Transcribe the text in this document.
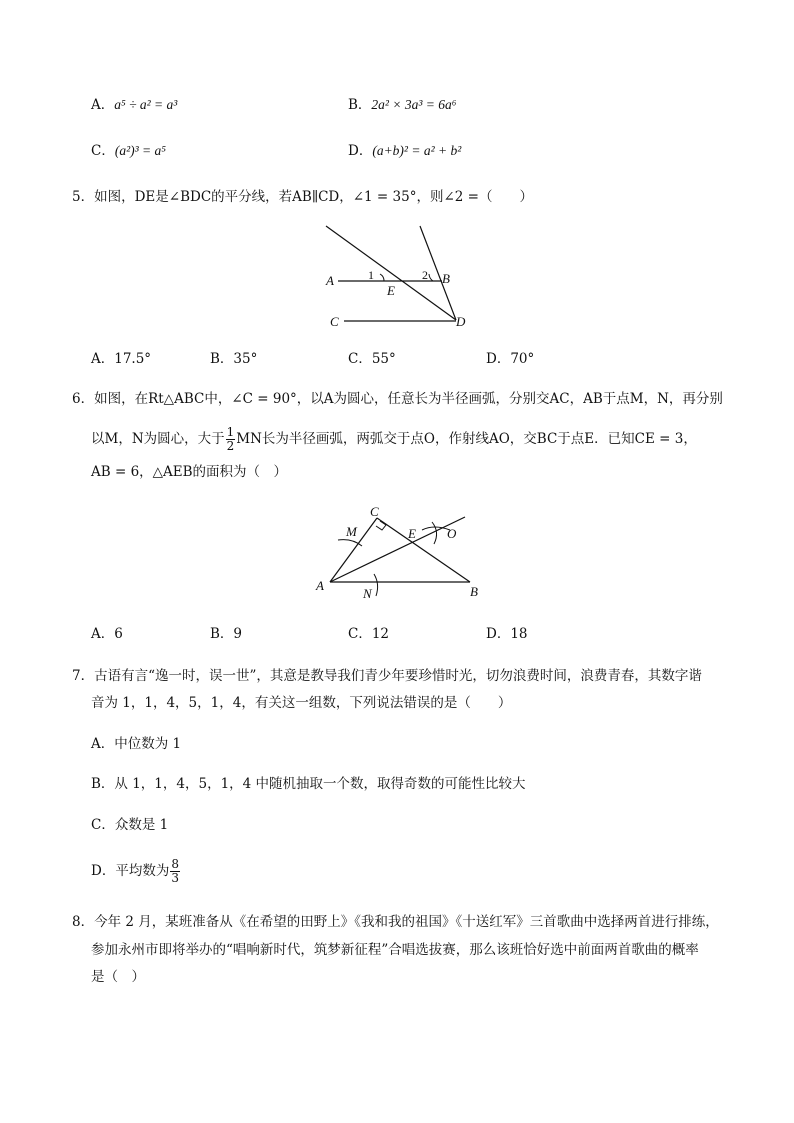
A．a⁵ ÷ a² = a³	B．2a² × 3a³ = 6a⁶
C．(a²)³ = a⁵	D．(a+b)² = a² + b²
5．如图，DE是∠BDC的平分线，若AB∥CD，∠1 = 35°，则∠2 =（　　）
A	B
C	D
E
1	2
A．17.5°	B．35°	C．55°	D．70°
6．如图，在Rt△ABC中，∠C = 90°，以A为圆心，任意长为半径画弧，分别交AC，AB于点M，N，再分别
以M，N为圆心，大于 $\frac{1}{2}$ MN长为半径画弧，两弧交于点O，作射线AO，交BC于点E．已知CE = 3，
AB = 6，△AEB的面积为（　）
A	B
C
E
M
N
O
A．6	B．9	C．12	D．18
7．古语有言“逸一时，误一世”，其意是教导我们青少年要珍惜时光，切勿浪费时间，浪费青春，其数字谐
音为 1，1，4，5，1，4，有关这一组数，下列说法错误的是（　　）
A．中位数为 1
B．从 1，1，4，5，1，4 中随机抽取一个数，取得奇数的可能性比较大
C．众数是 1
D．平均数为 $\frac{8}{3}$
8．今年 2 月，某班准备从《在希望的田野上》《我和我的祖国》《十送红军》三首歌曲中选择两首进行排练，
参加永州市即将举办的“唱响新时代，筑梦新征程”合唱选拔赛，那么该班恰好选中前面两首歌曲的概率
是（　）
